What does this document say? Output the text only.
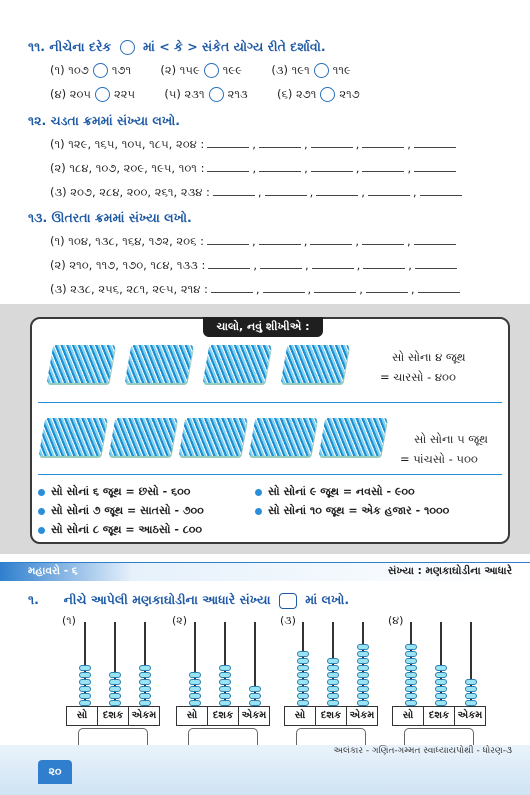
૧૧. નીચેના દરેક	માં < કે > સંકેત યોગ્ય રીતે દર્શાવો.
(૧) ૧૦૭ ૧૭૧	(૨) ૧૫૯ ૧૯૯	(૩) ૧૯૧ ૧૧૯
(૪) ૨૦૫ ૨૨૫	(૫) ૨૩૧ ૨૧૩	(૬) ૨૭૧ ૨૧૭
૧૨. ચડતા ક્રમમાં સંખ્યા લખો.
(૧) ૧૨૯, ૧૬૫, ૧૦૫, ૧૮૫, ૨૦૪ :	,	,	,	,
(૨) ૧૮૪, ૧૦૭, ૨૦૯, ૧૯૫, ૧૦૧ :	,	,	,	,
(૩) ૨૦૭, ૨૮૪, ૨૦૦, ૨૬૧, ૨૩૪ :	,	,	,	,
૧૩. ઊતરતા ક્રમમાં સંખ્યા લખો.
(૧) ૧૦૪, ૧૩૮, ૧૬૪, ૧૭૨, ૨૦૬ :	,	,	,	,
(૨) ૨૧૦, ૧૧૭, ૧૭૦, ૧૮૪, ૧૩૩ :	,	,	,	,
(૩) ૨૩૮, ૨૫૬, ૨૮૧, ૨૯૫, ૨૧૪ :	,	,	,	,
ચાલો, નવું શીખીએ :
સો સોના ૪ જૂથ
= ચારસો - ૪૦૦
સો સોના ૫ જૂથ
= પાંચસો - ૫૦૦
સો સોનાં ૬ જૂથ = છસો - ૬૦૦
સો સોનાં ૭ જૂથ = સાતસો - ૭૦૦
સો સોનાં ૮ જૂથ = આઠસો - ૮૦૦
સો સોનાં ૯ જૂથ = નવસો - ૯૦૦
સો સોનાં ૧૦ જૂથ = એક હજાર - ૧૦૦૦
મહાવરો - ૬	સંખ્યા : મણકાઘોડીના આધારે
૧. નીચે આપેલી મણકાઘોડીના આધારે સંખ્યા	માં લખો.
(૧)
સો	દશક એકમ
(૨)
સો	દશક એકમ
(૩)
સો	દશક એકમ
(૪)
સો	દશક એકમ
અલંકાર - ગણિત-ગમ્મત સ્વાધ્યાયપોથી - ધોરણ-૩
૨૦
